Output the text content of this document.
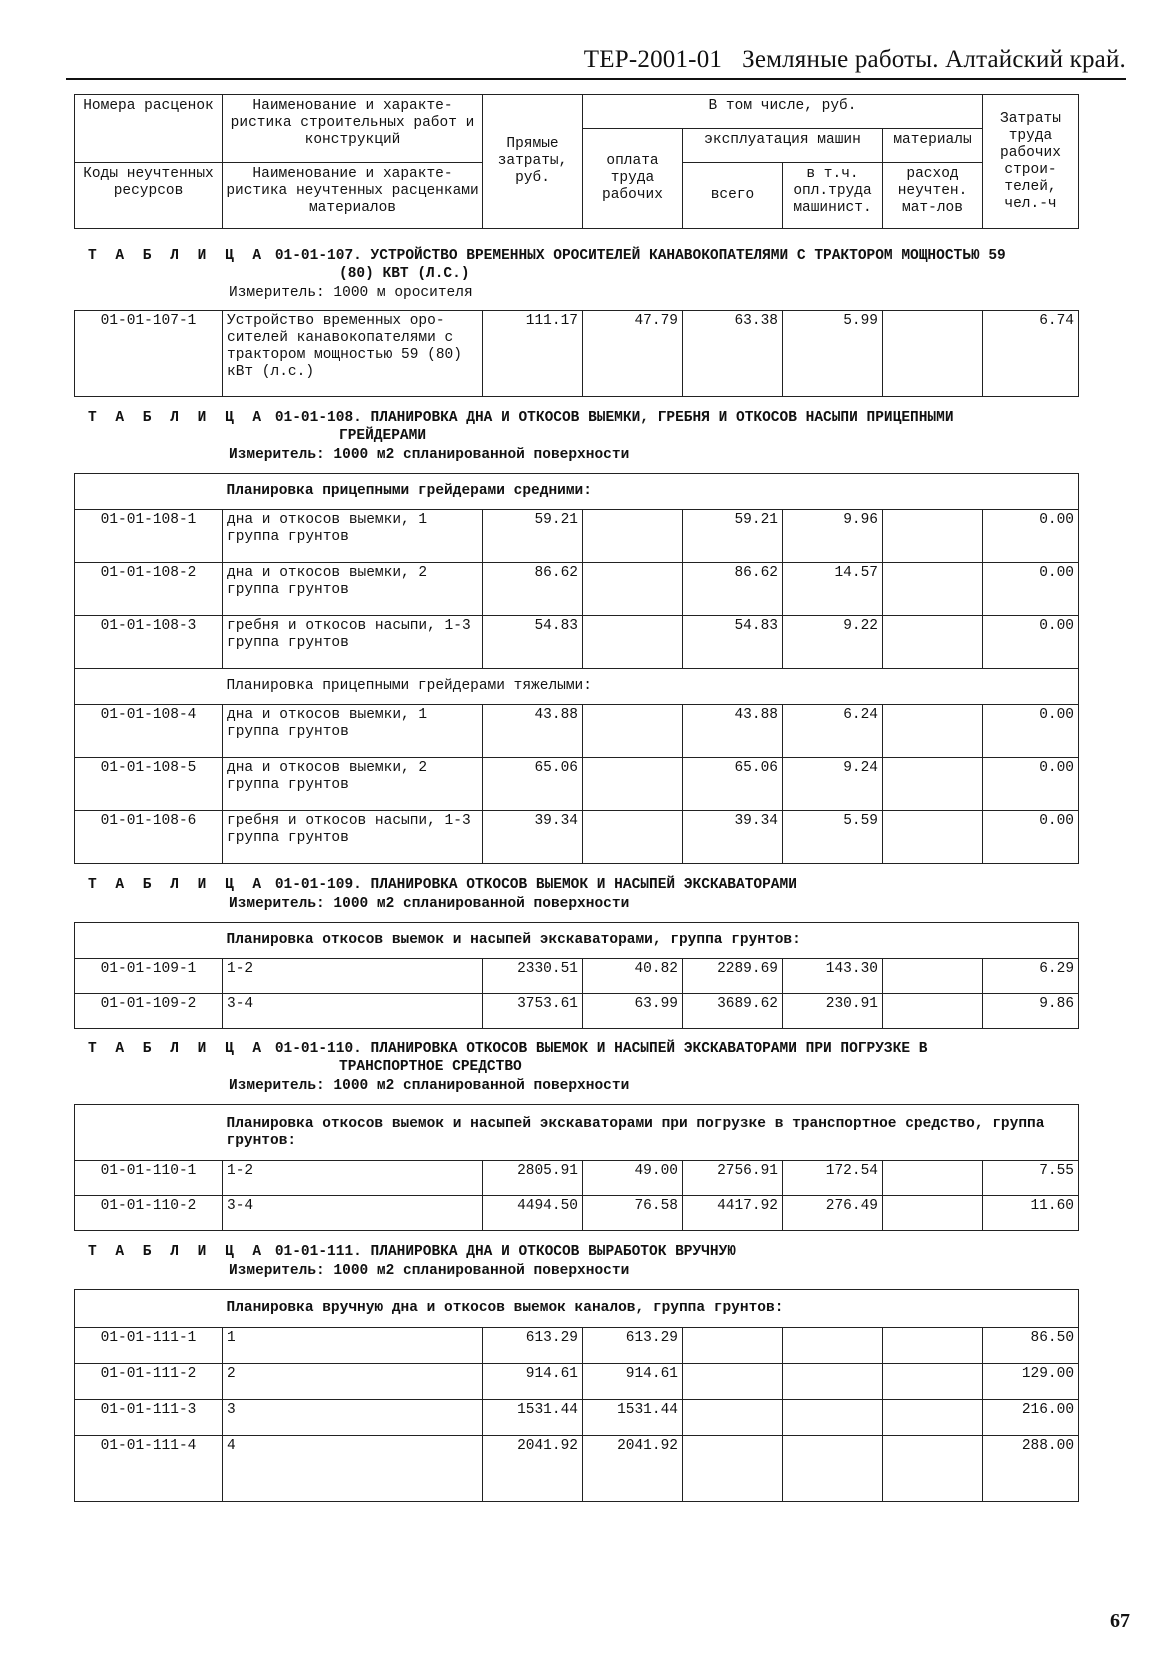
ТЕР-2001-01 Земляные работы. Алтайский край.
Номера расценок	Наименование и характе- ристика строительных работ и конструкций	Прямые затраты, руб.	В том числе, руб.				Затраты труда рабочих строи- телей, чел.-ч
			оплата труда рабочих	эксплуатация машин		материалы	
Коды неучтенных ресурсов	Наименование и характе- ристика неучтенных расценками материалов			всего	в т.ч. опл.труда машинист.	расход неучтен. мат-лов	
Т А Б Л И Ц А 01-01-107. УСТРОЙСТВО ВРЕМЕННЫХ ОРОСИТЕЛЕЙ КАНАВОКОПАТЕЛЯМИ С ТРАКТОРОМ МОЩНОСТЬЮ 59
(80) КВТ (Л.С.)
Измеритель: 1000 м оросителя
01-01-107-1	Устройство временных оро- сителей канавокопателями с трактором мощностью 59 (80) кВт (л.с.)	111.17	47.79	63.38	5.99		6.74
Т А Б Л И Ц А 01-01-108. ПЛАНИРОВКА ДНА И ОТКОСОВ ВЫЕМКИ, ГРЕБНЯ И ОТКОСОВ НАСЫПИ ПРИЦЕПНЫМИ
ГРЕЙДЕРАМИ
Измеритель: 1000 м2 спланированной поверхности
	Планировка прицепными грейдерами средними:						
01-01-108-1	дна и откосов выемки, 1 группа грунтов	59.21		59.21	9.96		0.00
01-01-108-2	дна и откосов выемки, 2 группа грунтов	86.62		86.62	14.57		0.00
01-01-108-3	гребня и откосов насыпи, 1-3 группа грунтов	54.83		54.83	9.22		0.00
	Планировка прицепными грейдерами тяжелыми:						
01-01-108-4	дна и откосов выемки, 1 группа грунтов	43.88		43.88	6.24		0.00
01-01-108-5	дна и откосов выемки, 2 группа грунтов	65.06		65.06	9.24		0.00
01-01-108-6	гребня и откосов насыпи, 1-3 группа грунтов	39.34		39.34	5.59		0.00
Т А Б Л И Ц А 01-01-109. ПЛАНИРОВКА ОТКОСОВ ВЫЕМОК И НАСЫПЕЙ ЭКСКАВАТОРАМИ
Измеритель: 1000 м2 спланированной поверхности
	Планировка откосов выемок и насыпей экскаваторами, группа грунтов:						
01-01-109-1	1-2	2330.51	40.82	2289.69	143.30		6.29
01-01-109-2	3-4	3753.61	63.99	3689.62	230.91		9.86
Т А Б Л И Ц А 01-01-110. ПЛАНИРОВКА ОТКОСОВ ВЫЕМОК И НАСЫПЕЙ ЭКСКАВАТОРАМИ ПРИ ПОГРУЗКЕ В
ТРАНСПОРТНОЕ СРЕДСТВО
Измеритель: 1000 м2 спланированной поверхности
	Планировка откосов выемок и насыпей экскаваторами при погрузке в транспортное средство, группа грунтов:						
01-01-110-1	1-2	2805.91	49.00	2756.91	172.54		7.55
01-01-110-2	3-4	4494.50	76.58	4417.92	276.49		11.60
Т А Б Л И Ц А 01-01-111. ПЛАНИРОВКА ДНА И ОТКОСОВ ВЫРАБОТОК ВРУЧНУЮ
Измеритель: 1000 м2 спланированной поверхности
	Планировка вручную дна и откосов выемок каналов, группа грунтов:						
01-01-111-1	1	613.29	613.29				86.50
01-01-111-2	2	914.61	914.61				129.00
01-01-111-3	3	1531.44	1531.44				216.00
01-01-111-4	4	2041.92	2041.92				288.00
67
